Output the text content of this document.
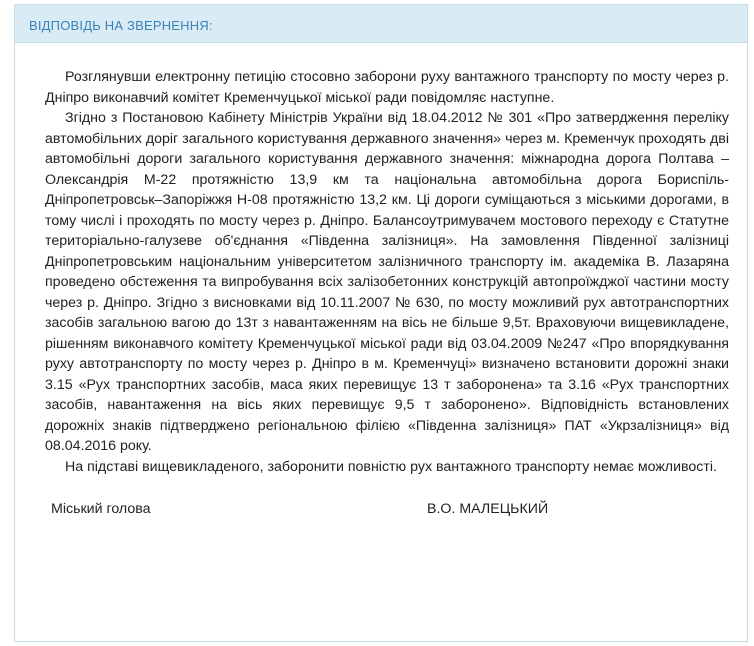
ВІДПОВІДЬ НА ЗВЕРНЕННЯ:

Розглянувши електронну петицію стосовно заборони руху вантажного транспорту по мосту через р. Дніпро виконавчий комітет Кременчуцької міської ради повідомляє наступне.

Згідно з Постановою Кабінету Міністрів України від 18.04.2012 № 301 «Про затвердження переліку автомобільних доріг загального користування державного значення» через м. Кременчук проходять дві автомобільні дороги загального користування державного значення: міжнародна дорога Полтава – Олександрія М-22 протяжністю 13,9 км та національна автомобільна дорога Бориспіль-Дніпропетровськ–Запоріжжя Н-08 протяжністю 13,2 км. Ці дороги суміщаються з міськими дорогами, в тому числі і проходять по мосту через р. Дніпро. Балансоутримувачем мостового переходу є Статутне територіально-галузеве об'єднання «Південна залізниця». На замовлення Південної залізниці Дніпропетровським національним університетом залізничного транспорту ім. академіка В. Лазаряна проведено обстеження та випробування всіх залізобетонних конструкцій автопроїжджої частини мосту через р. Дніпро. Згідно з висновками від 10.11.2007 № 630, по мосту можливий рух автотранспортних засобів загальною вагою до 13т з навантаженням на вісь не більше 9,5т. Враховуючи вищевикладене, рішенням виконавчого комітету Кременчуцької міської ради від 03.04.2009 №247 «Про впорядкування руху автотранспорту по мосту через р. Дніпро в м. Кременчуці» визначено встановити дорожні знаки 3.15 «Рух транспортних засобів, маса яких перевищує 13 т заборонена» та 3.16 «Рух транспортних засобів, навантаження на вісь яких перевищує 9,5 т заборонено». Відповідність встановлених дорожніх знаків підтверджено регіональною філією «Південна залізниця» ПАТ «Укрзалізниця» від 08.04.2016 року.

На підставі вищевикладеного, заборонити повністю рух вантажного транспорту немає можливості.

Міський голова	В.О. МАЛЕЦЬКИЙ
